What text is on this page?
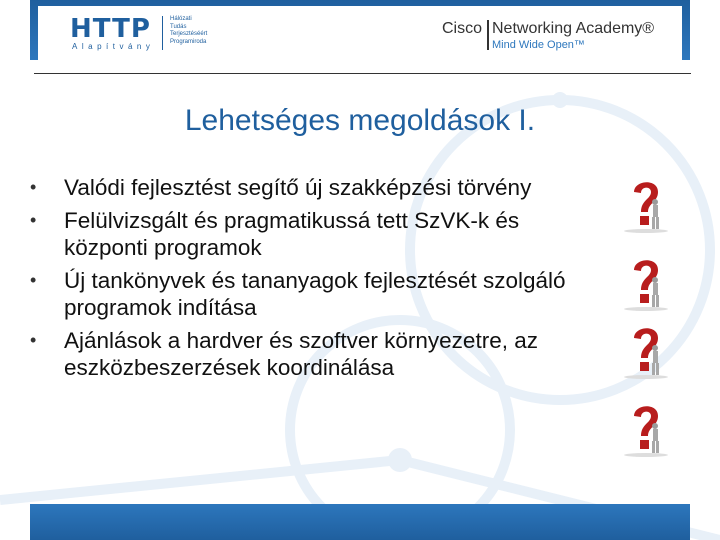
HTTP
Alapítvány
Hálózati
Tudás
Terjesztéséért
Programiroda
Cisco Networking Academy®
Mind Wide Open™
Lehetséges megoldások I.
• Valódi fejlesztést segítő új szakképzési törvény
• Felülvizsgált és pragmatikussá tett SzVK-k és központi programok
• Új tankönyvek és tananyagok fejlesztését szolgáló programok indítása
• Ajánlások a hardver és szoftver környezetre, az eszközbeszerzések koordinálása
